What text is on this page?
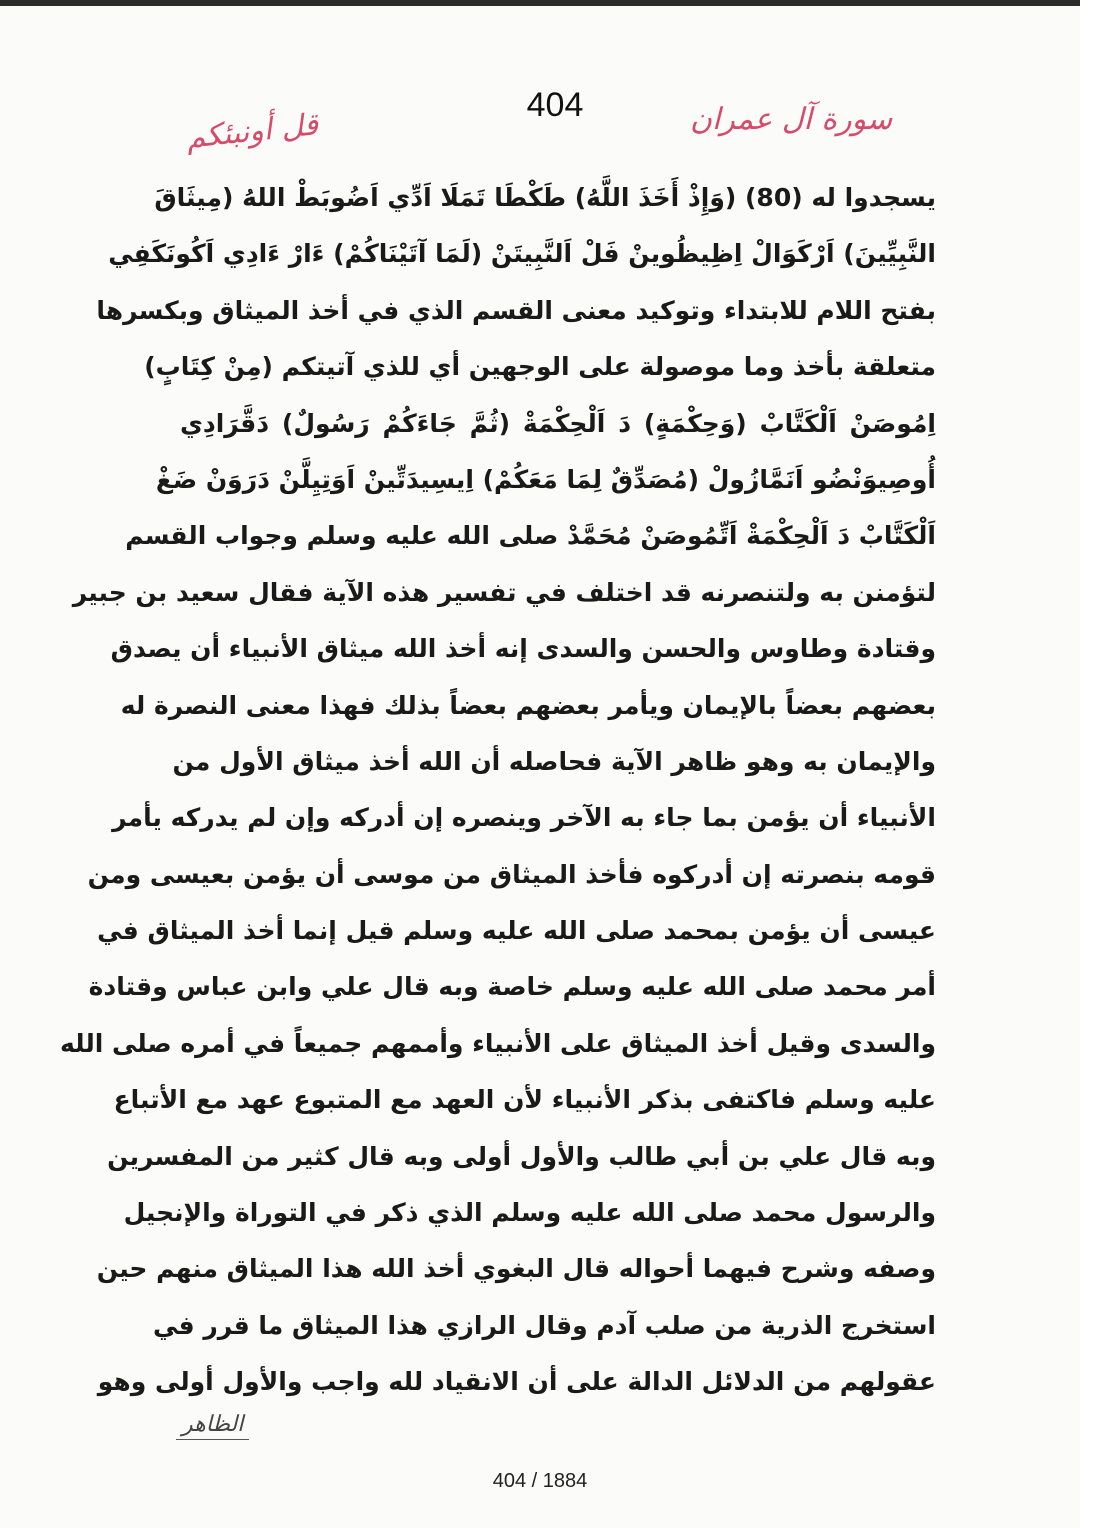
404	سورة آل عمران
قل أونبئكم
يسجدوا له (80) (وَإِذْ أَخَذَ اللَّهُ) طَكْطَا تَمَلَا اَدِّي اَضُوبَطْ اللهُ (مِيثَاقَ
النَّبِيِّينَ) اَرْكَوَالْ اِظِيظُوينْ فَلْ اَلنَّبِيتَنْ (لَمَا آتَيْنَاكُمْ) ءَارْ ءَادِي اَكُونَكَفِي
بفتح اللام للابتداء وتوكيد معنى القسم الذي في أخذ الميثاق وبكسرها
متعلقة بأخذ وما موصولة على الوجهين أي للذي آتيتكم (مِنْ كِتَابٍ)
اِمُوصَنْ اَلْكَتَّابْ (وَحِكْمَةٍ) دَ اَلْحِكْمَةْ (ثُمَّ جَاءَكُمْ رَسُولٌ) دَقَّرَادِي
أُوصِيوَنْضُو اَنَمَّازُولْ (مُصَدِّقٌ لِمَا مَعَكُمْ) اِيسِيدَتِّينْ اَوَتِيِلَّنْ دَرَوَنْ ضَغْ
اَلْكَتَّابْ دَ اَلْحِكْمَةْ اَتِّمُوصَنْ مُحَمَّدْ صلى الله عليه وسلم وجواب القسم
لتؤمنن به ولتنصرنه قد اختلف في تفسير هذه الآية فقال سعيد بن جبير
وقتادة وطاوس والحسن والسدى إنه أخذ الله ميثاق الأنبياء أن يصدق
بعضهم بعضاً بالإيمان ويأمر بعضهم بعضاً بذلك فهذا معنى النصرة له
والإيمان به وهو ظاهر الآية فحاصله أن الله أخذ ميثاق الأول من
الأنبياء أن يؤمن بما جاء به الآخر وينصره إن أدركه وإن لم يدركه يأمر
قومه بنصرته إن أدركوه فأخذ الميثاق من موسى أن يؤمن بعيسى ومن
عيسى أن يؤمن بمحمد صلى الله عليه وسلم قيل إنما أخذ الميثاق في
أمر محمد صلى الله عليه وسلم خاصة وبه قال علي وابن عباس وقتادة
والسدى وقيل أخذ الميثاق على الأنبياء وأممهم جميعاً في أمره صلى الله
عليه وسلم فاكتفى بذكر الأنبياء لأن العهد مع المتبوع عهد مع الأتباع
وبه قال علي بن أبي طالب والأول أولى وبه قال كثير من المفسرين
والرسول محمد صلى الله عليه وسلم الذي ذكر في التوراة والإنجيل
وصفه وشرح فيهما أحواله قال البغوي أخذ الله هذا الميثاق منهم حين
استخرج الذرية من صلب آدم وقال الرازي هذا الميثاق ما قرر في
عقولهم من الدلائل الدالة على أن الانقياد لله واجب والأول أولى وهو
الظاهر
404 / 1884
